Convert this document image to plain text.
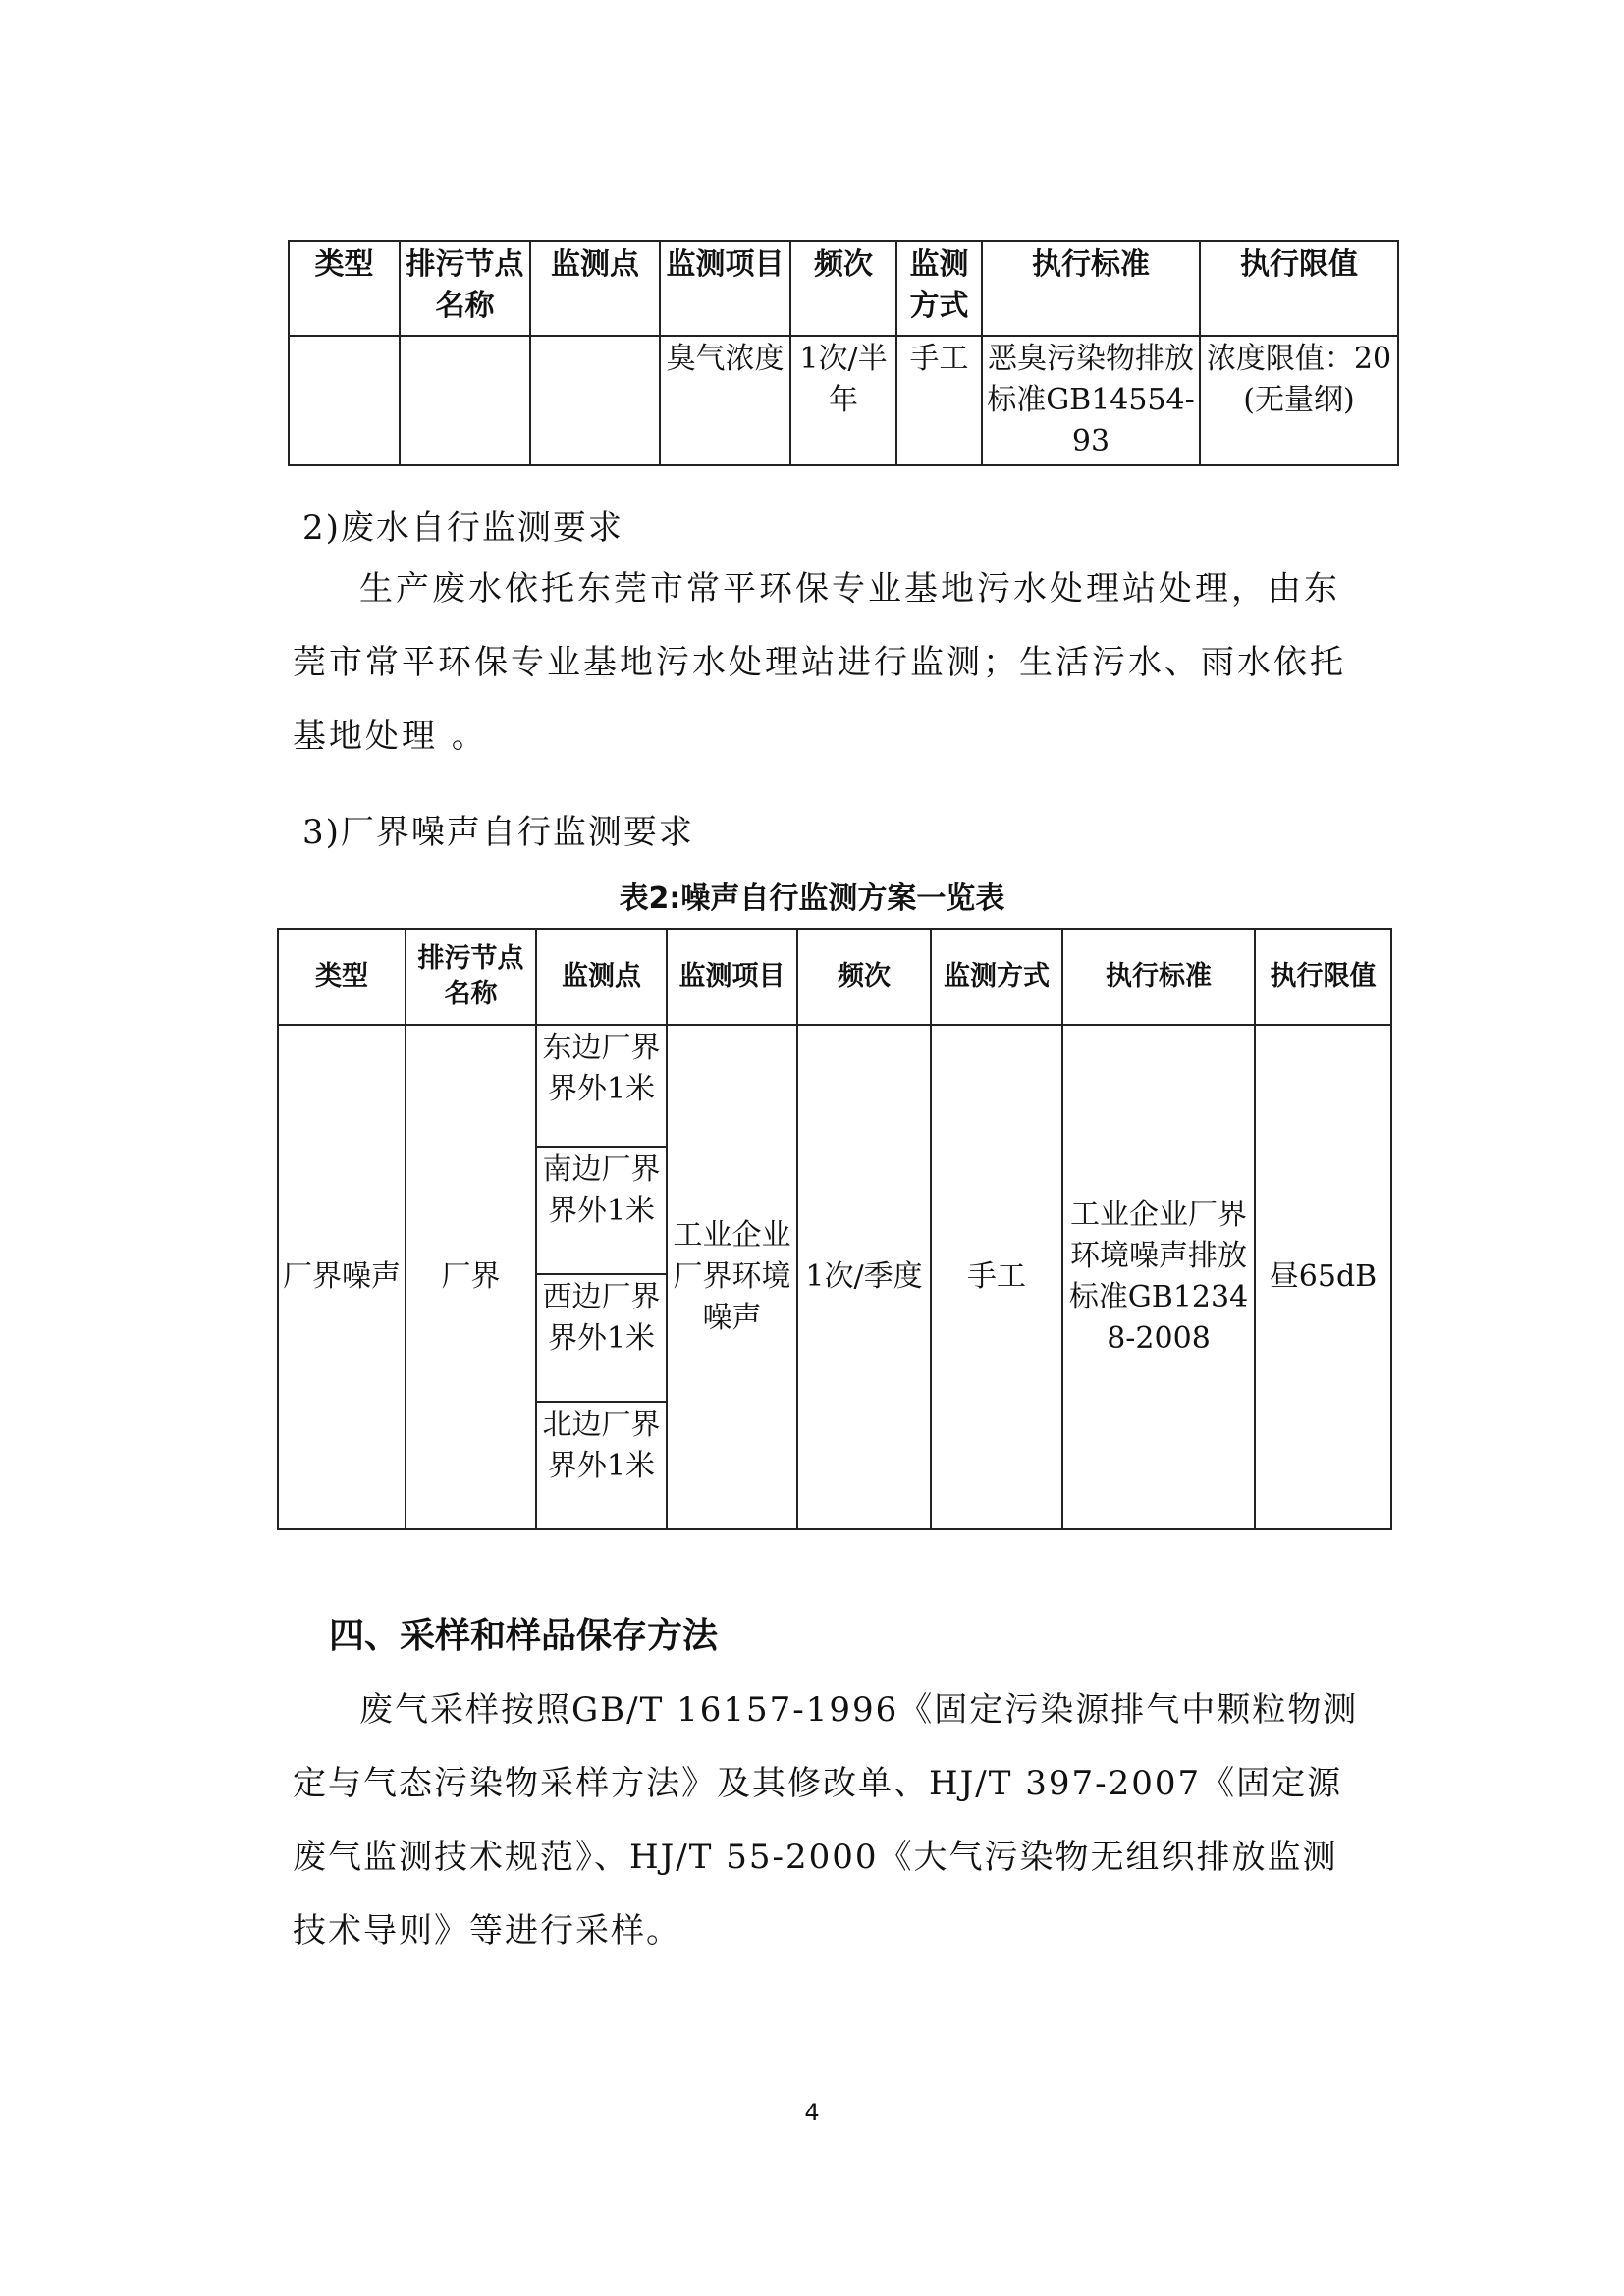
类型	排污节点名称	监测点	监测项目	频次	监测方式	执行标准	执行限值
			臭气浓度	1次/半年	手工	恶臭污染物排放 标准GB14554-93	浓度限值：20(无量纲)
2)废水自行监测要求
生产废水依托东莞市常平环保专业基地污水处理站处理，由东莞市常平环保专业基地污水处理站进行监测；生活污水、雨水依托基地处理 。
3)厂界噪声自行监测要求
表2:噪声自行监测方案一览表
类型	排污节点名称	监测点	监测项目	频次	监测方式	执行标准	执行限值
厂界噪声	厂界	东边厂界界外1米	工业企业厂界环境噪声	1次/季度	手工	工业企业厂界环境噪声排放标准GB12348-2008	昼65dB
		南边厂界界外1米					
		西边厂界界外1米					
		北边厂界界外1米					
四、采样和样品保存方法
废气采样按照GB/T 16157-1996《固定污染源排气中颗粒物测定与气态污染物采样方法》及其修改单、HJ/T 397-2007《固定源废气监测技术规范》、HJ/T 55-2000《大气污染物无组织排放监测技术导则》等进行采样。
4
